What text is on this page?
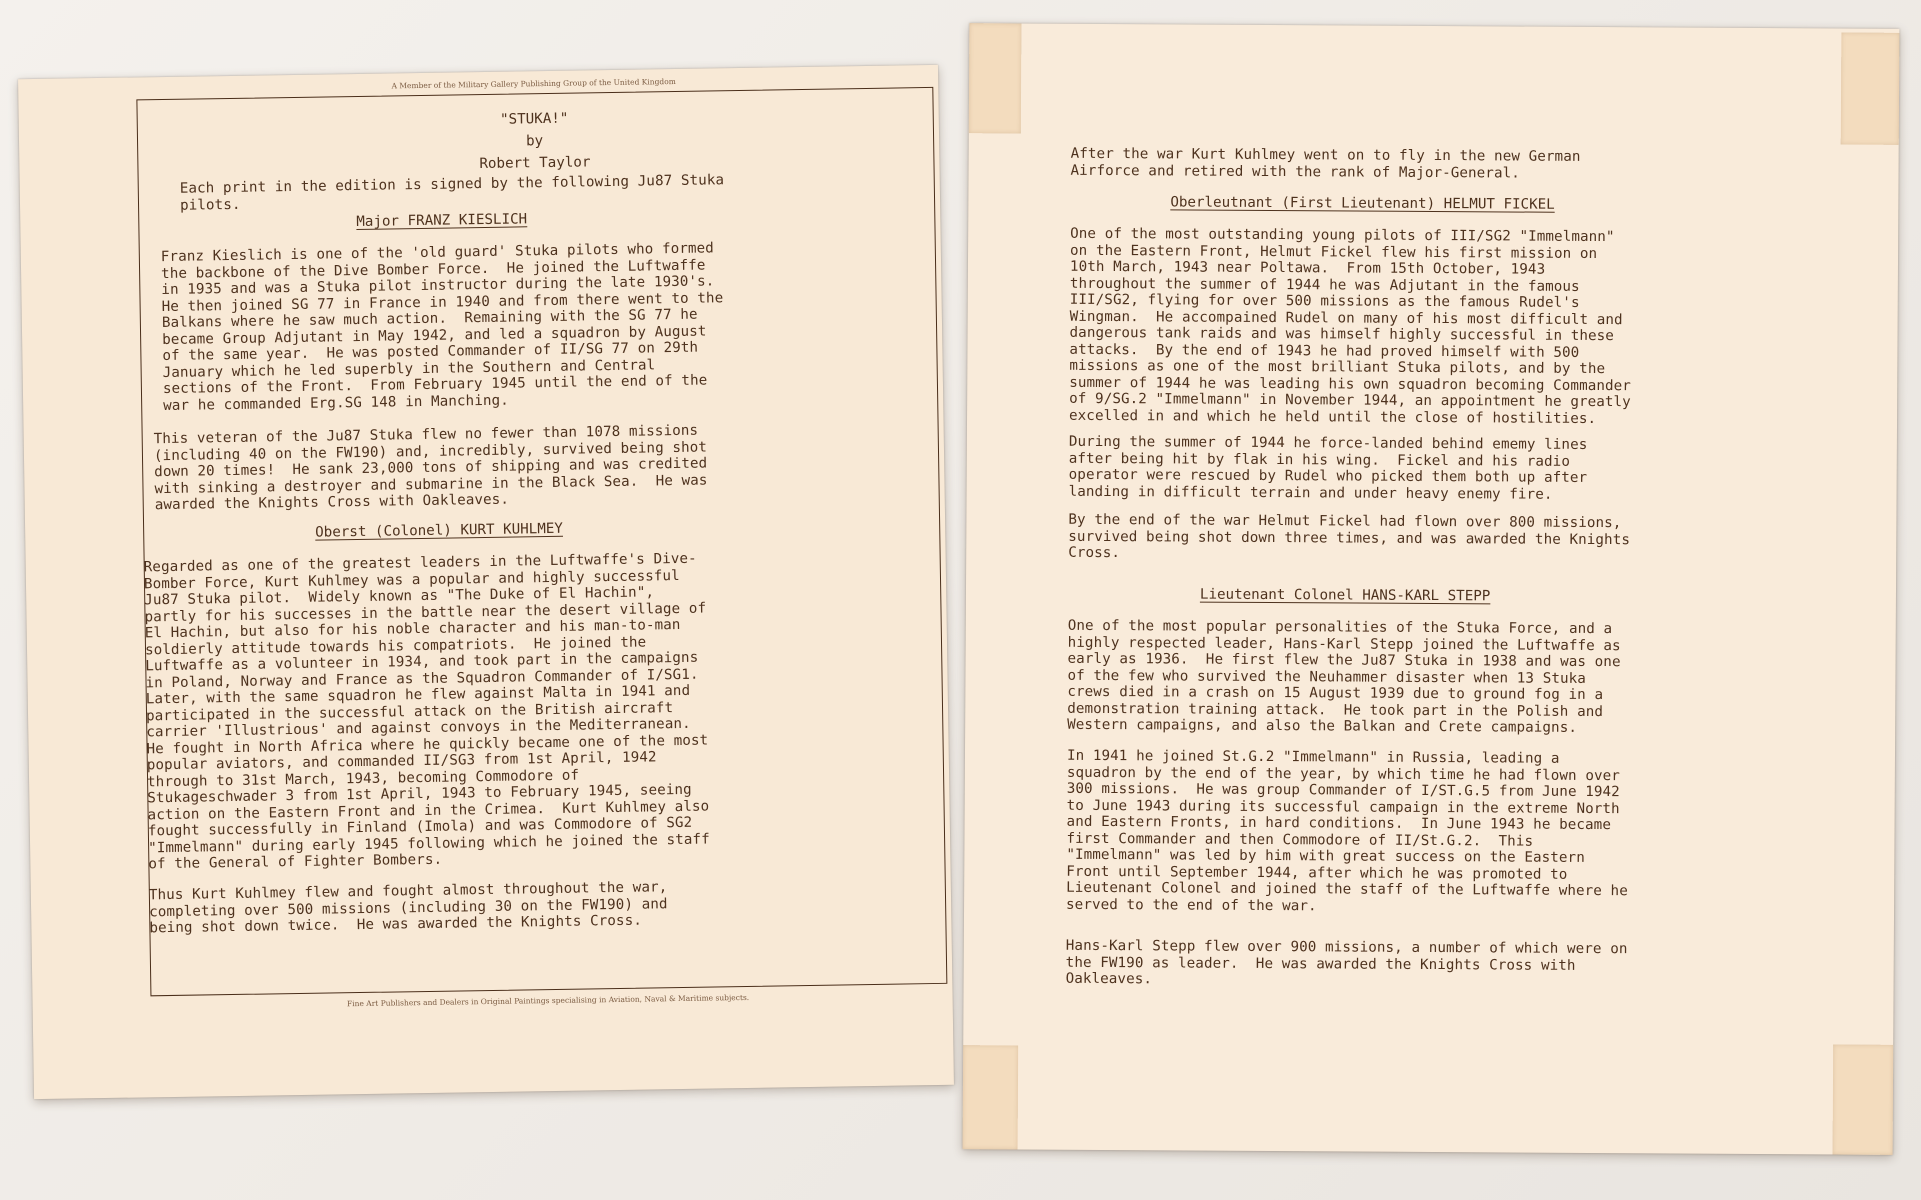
A Member of the Military Gallery Publishing Group of the United Kingdom
"STUKA!"
by
Robert Taylor
Each print in the edition is signed by the following Ju87 Stuka
pilots.
Major FRANZ KIESLICH
Franz Kieslich is one of the 'old guard' Stuka pilots who formed
the backbone of the Dive Bomber Force.  He joined the Luftwaffe
in 1935 and was a Stuka pilot instructor during the late 1930's.
He then joined SG 77 in France in 1940 and from there went to the
Balkans where he saw much action.  Remaining with the SG 77 he
became Group Adjutant in May 1942, and led a squadron by August
of the same year.  He was posted Commander of II/SG 77 on 29th
January which he led superbly in the Southern and Central
sections of the Front.  From February 1945 until the end of the
war he commanded Erg.SG 148 in Manching.
This veteran of the Ju87 Stuka flew no fewer than 1078 missions
(including 40 on the FW190) and, incredibly, survived being shot
down 20 times!  He sank 23,000 tons of shipping and was credited
with sinking a destroyer and submarine in the Black Sea.  He was
awarded the Knights Cross with Oakleaves.
Oberst (Colonel) KURT KUHLMEY
Regarded as one of the greatest leaders in the Luftwaffe's Dive-
Bomber Force, Kurt Kuhlmey was a popular and highly successful
Ju87 Stuka pilot.  Widely known as "The Duke of El Hachin",
partly for his successes in the battle near the desert village of
El Hachin, but also for his noble character and his man-to-man
soldierly attitude towards his compatriots.  He joined the
Luftwaffe as a volunteer in 1934, and took part in the campaigns
in Poland, Norway and France as the Squadron Commander of I/SG1.
Later, with the same squadron he flew against Malta in 1941 and
participated in the successful attack on the British aircraft
carrier 'Illustrious' and against convoys in the Mediterranean.
He fought in North Africa where he quickly became one of the most
popular aviators, and commanded II/SG3 from 1st April, 1942
through to 31st March, 1943, becoming Commodore of
Stukageschwader 3 from 1st April, 1943 to February 1945, seeing
action on the Eastern Front and in the Crimea.  Kurt Kuhlmey also
fought successfully in Finland (Imola) and was Commodore of SG2
"Immelmann" during early 1945 following which he joined the staff
of the General of Fighter Bombers.
Thus Kurt Kuhlmey flew and fought almost throughout the war,
completing over 500 missions (including 30 on the FW190) and
being shot down twice.  He was awarded the Knights Cross.
Fine Art Publishers and Dealers in Original Paintings specialising in Aviation, Naval & Maritime subjects.
After the war Kurt Kuhlmey went on to fly in the new German
Airforce and retired with the rank of Major-General.
Oberleutnant (First Lieutenant) HELMUT FICKEL
One of the most outstanding young pilots of III/SG2 "Immelmann"
on the Eastern Front, Helmut Fickel flew his first mission on
10th March, 1943 near Poltawa.  From 15th October, 1943
throughout the summer of 1944 he was Adjutant in the famous
III/SG2, flying for over 500 missions as the famous Rudel's
Wingman.  He accompained Rudel on many of his most difficult and
dangerous tank raids and was himself highly successful in these
attacks.  By the end of 1943 he had proved himself with 500
missions as one of the most brilliant Stuka pilots, and by the
summer of 1944 he was leading his own squadron becoming Commander
of 9/SG.2 "Immelmann" in November 1944, an appointment he greatly
excelled in and which he held until the close of hostilities.
During the summer of 1944 he force-landed behind ememy lines
after being hit by flak in his wing.  Fickel and his radio
operator were rescued by Rudel who picked them both up after
landing in difficult terrain and under heavy enemy fire.
By the end of the war Helmut Fickel had flown over 800 missions,
survived being shot down three times, and was awarded the Knights
Cross.
Lieutenant Colonel HANS-KARL STEPP
One of the most popular personalities of the Stuka Force, and a
highly respected leader, Hans-Karl Stepp joined the Luftwaffe as
early as 1936.  He first flew the Ju87 Stuka in 1938 and was one
of the few who survived the Neuhammer disaster when 13 Stuka
crews died in a crash on 15 August 1939 due to ground fog in a
demonstration training attack.  He took part in the Polish and
Western campaigns, and also the Balkan and Crete campaigns.
In 1941 he joined St.G.2 "Immelmann" in Russia, leading a
squadron by the end of the year, by which time he had flown over
300 missions.  He was group Commander of I/ST.G.5 from June 1942
to June 1943 during its successful campaign in the extreme North
and Eastern Fronts, in hard conditions.  In June 1943 he became
first Commander and then Commodore of II/St.G.2.  This
"Immelmann" was led by him with great success on the Eastern
Front until September 1944, after which he was promoted to
Lieutenant Colonel and joined the staff of the Luftwaffe where he
served to the end of the war.
Hans-Karl Stepp flew over 900 missions, a number of which were on
the FW190 as leader.  He was awarded the Knights Cross with
Oakleaves.
